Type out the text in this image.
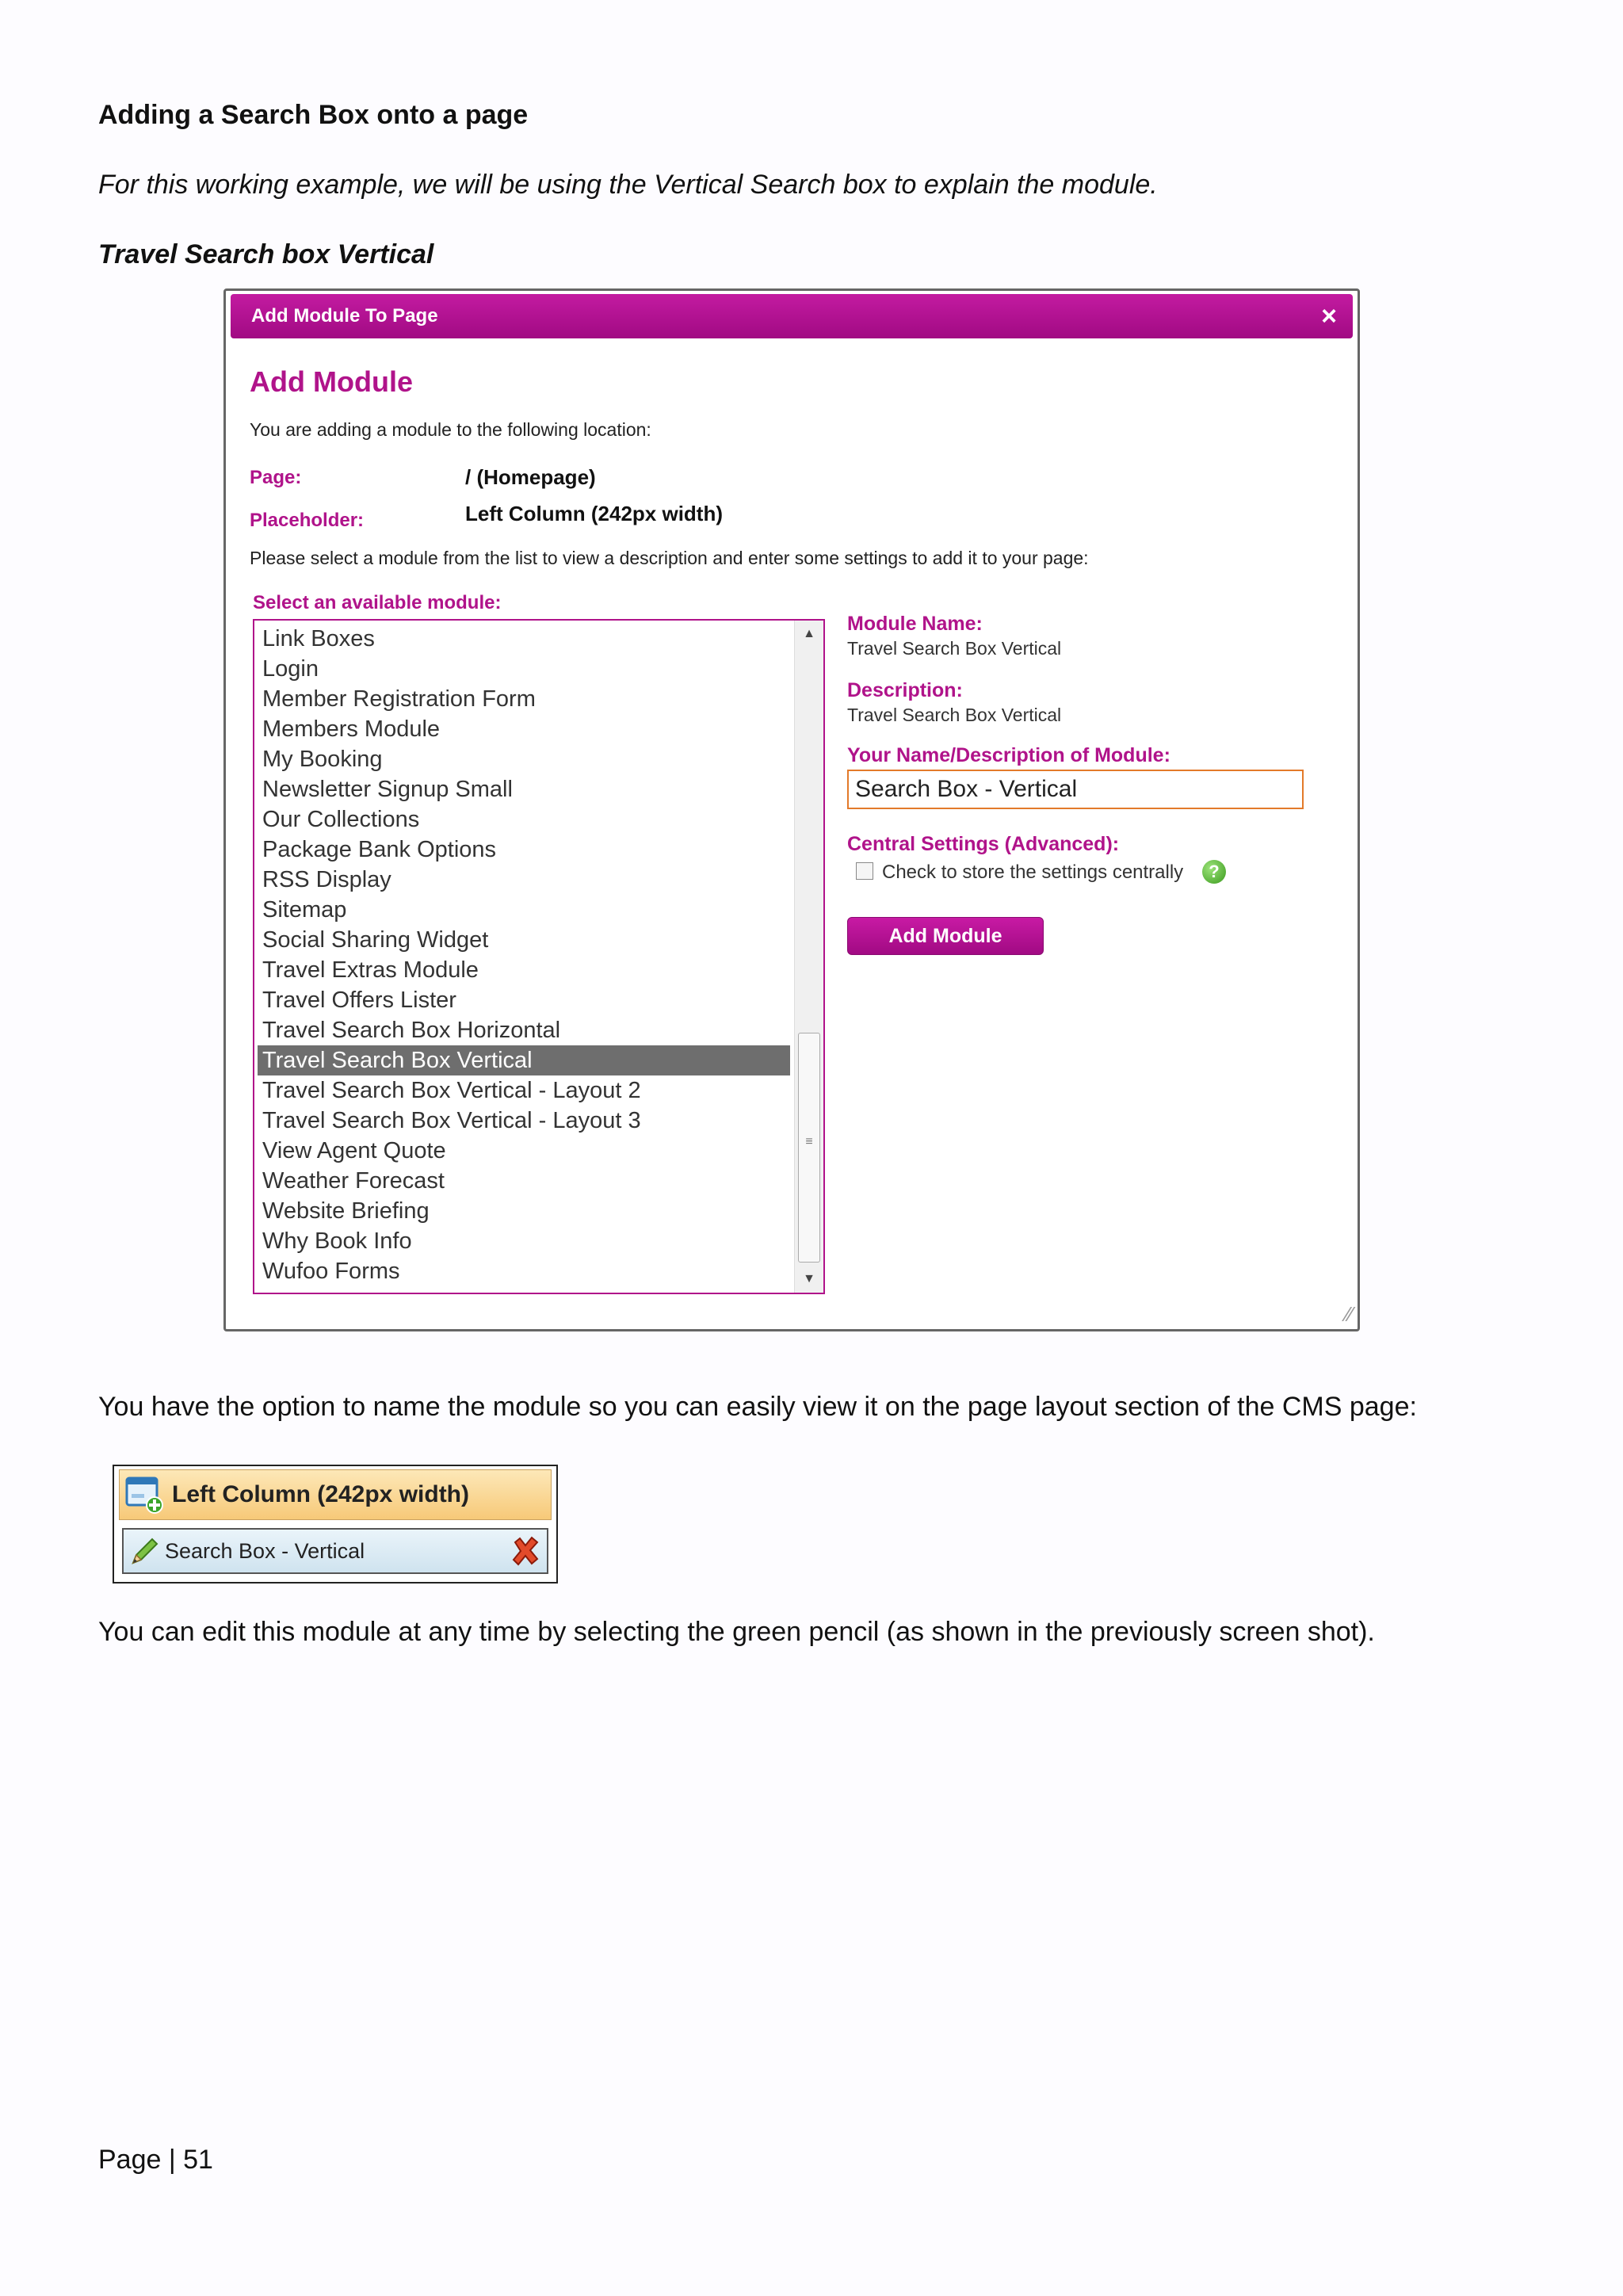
Adding a Search Box onto a page
For this working example, we will be using the Vertical Search box to explain the module.
Travel Search box Vertical
Add Module To Page	×
Add Module
You are adding a module to the following location:
Page:	/ (Homepage)
Placeholder:	Left Column (242px width)
Please select a module from the list to view a description and enter some settings to add it to your page:
Select an available module:
Link Boxes
Login
Member Registration Form
Members Module
My Booking
Newsletter Signup Small
Our Collections
Package Bank Options
RSS Display
Sitemap
Social Sharing Widget
Travel Extras Module
Travel Offers Lister
Travel Search Box Horizontal
Travel Search Box Vertical
Travel Search Box Vertical - Layout 2
Travel Search Box Vertical - Layout 3
View Agent Quote
Weather Forecast
Website Briefing
Why Book Info
Wufoo Forms
▲
≡
▼
Module Name:
Travel Search Box Vertical
Description:
Travel Search Box Vertical
Your Name/Description of Module:
Search Box - Vertical
Central Settings (Advanced):
Check to store the settings centrally	?
Add Module
⁄⁄
You have the option to name the module so you can easily view it on the page layout section of the CMS page:
Left Column (242px width)
Search Box - Vertical
You can edit this module at any time by selecting the green pencil (as shown in the previously screen shot).
Page | 51
